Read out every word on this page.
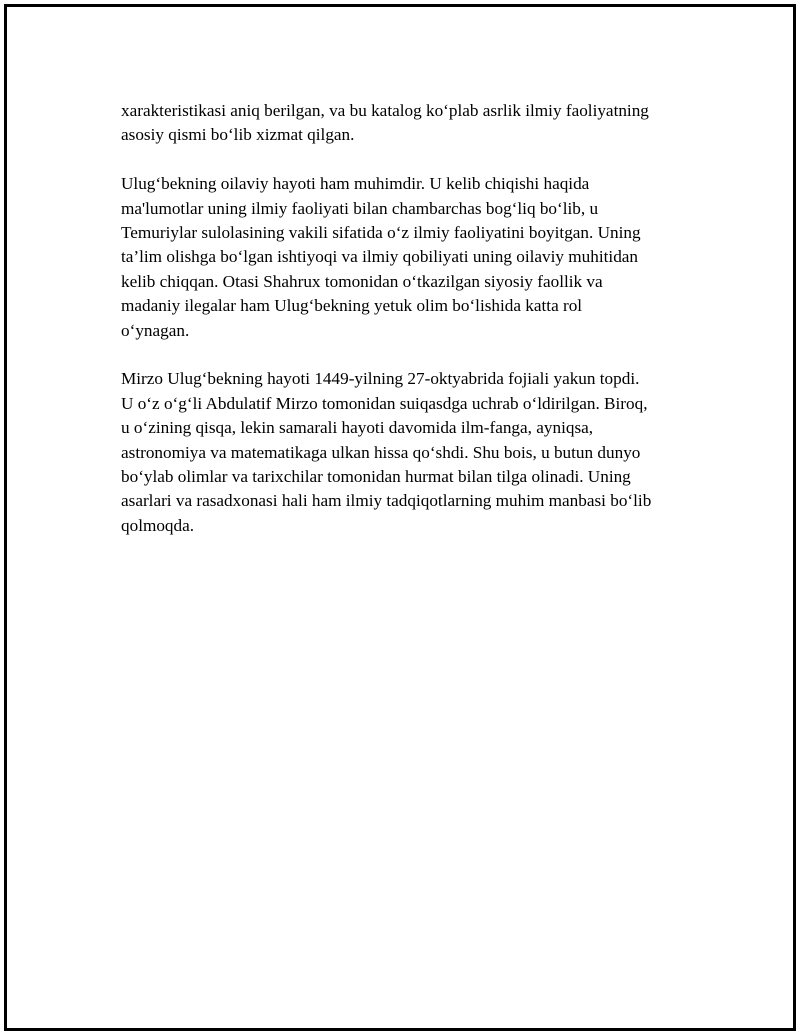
xarakteristikasi aniq berilgan, va bu katalog ko‘plab asrlik ilmiy faoliyatning
asosiy qismi bo‘lib xizmat qilgan.

Ulug‘bekning oilaviy hayoti ham muhimdir. U kelib chiqishi haqida
ma'lumotlar uning ilmiy faoliyati bilan chambarchas bog‘liq bo‘lib, u
Temuriylar sulolasining vakili sifatida o‘z ilmiy faoliyatini boyitgan. Uning
ta’lim olishga bo‘lgan ishtiyoqi va ilmiy qobiliyati uning oilaviy muhitidan
kelib chiqqan. Otasi Shahrux tomonidan o‘tkazilgan siyosiy faollik va
madaniy ilegalar ham Ulug‘bekning yetuk olim bo‘lishida katta rol
o‘ynagan.

Mirzo Ulug‘bekning hayoti 1449-yilning 27-oktyabrida fojiali yakun topdi.
U o‘z o‘g‘li Abdulatif Mirzo tomonidan suiqasdga uchrab o‘ldirilgan. Biroq,
u o‘zining qisqa, lekin samarali hayoti davomida ilm-fanga, ayniqsa,
astronomiya va matematikaga ulkan hissa qo‘shdi. Shu bois, u butun dunyo
bo‘ylab olimlar va tarixchilar tomonidan hurmat bilan tilga olinadi. Uning
asarlari va rasadxonasi hali ham ilmiy tadqiqotlarning muhim manbasi bo‘lib
qolmoqda.
